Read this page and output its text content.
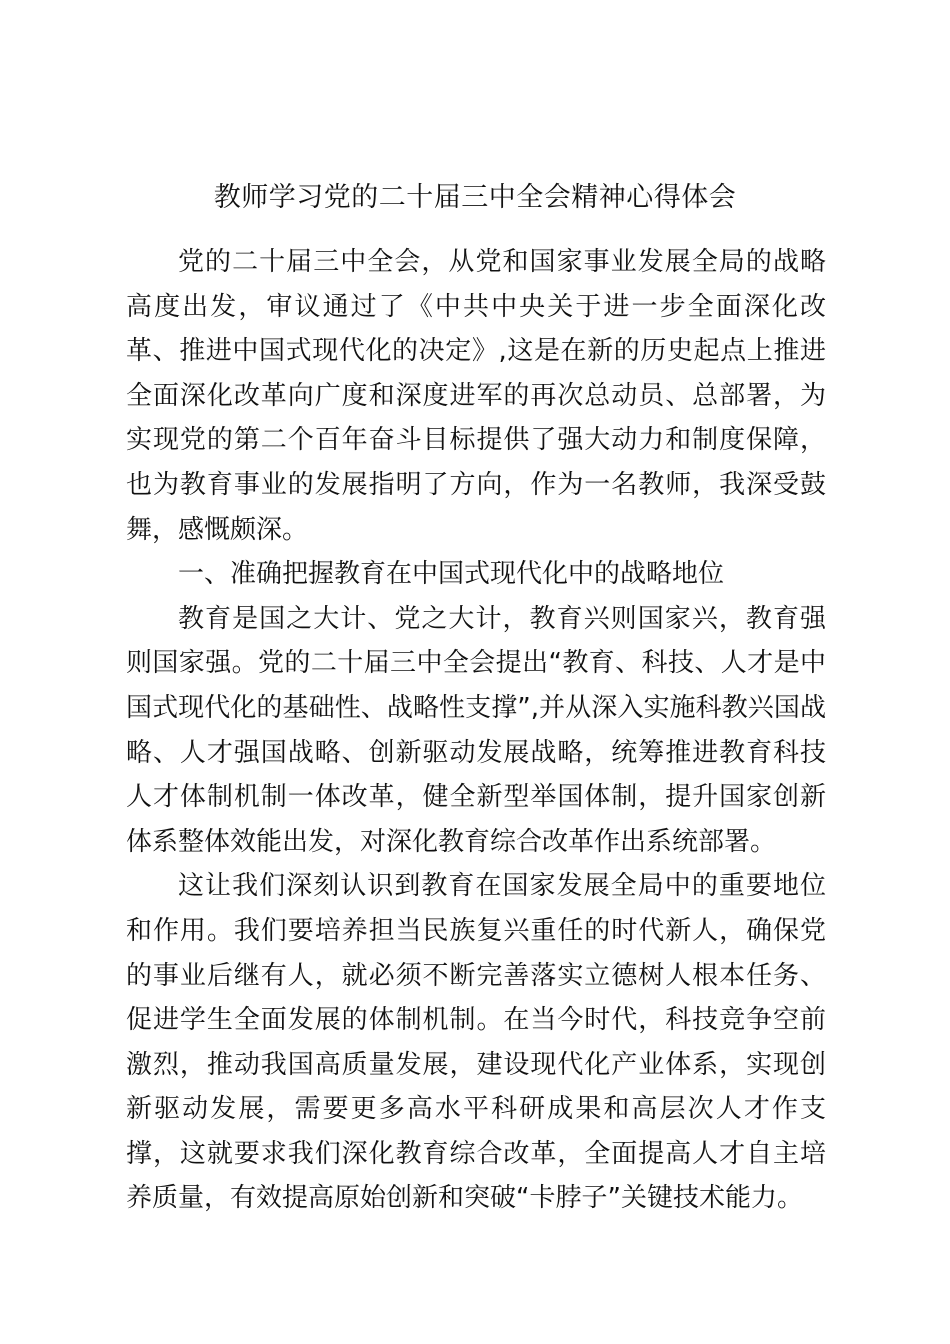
教师学习党的二十届三中全会精神心得体会

党的二十届三中全会，从党和国家事业发展全局的战略高度出发，审议通过了《中共中央关于进一步全面深化改革、推进中国式现代化的决定》,这是在新的历史起点上推进全面深化改革向广度和深度进军的再次总动员、总部署，为实现党的第二个百年奋斗目标提供了强大动力和制度保障，也为教育事业的发展指明了方向，作为一名教师，我深受鼓舞，感慨颇深。

一、准确把握教育在中国式现代化中的战略地位

教育是国之大计、党之大计，教育兴则国家兴，教育强则国家强。党的二十届三中全会提出“教育、科技、人才是中国式现代化的基础性、战略性支撑”,并从深入实施科教兴国战略、人才强国战略、创新驱动发展战略，统筹推进教育科技人才体制机制一体改革，健全新型举国体制，提升国家创新体系整体效能出发，对深化教育综合改革作出系统部署。

这让我们深刻认识到教育在国家发展全局中的重要地位和作用。我们要培养担当民族复兴重任的时代新人，确保党的事业后继有人，就必须不断完善落实立德树人根本任务、促进学生全面发展的体制机制。在当今时代，科技竞争空前激烈，推动我国高质量发展，建设现代化产业体系，实现创新驱动发展，需要更多高水平科研成果和高层次人才作支撑，这就要求我们深化教育综合改革，全面提高人才自主培养质量，有效提高原始创新和突破“卡脖子”关键技术能力。
